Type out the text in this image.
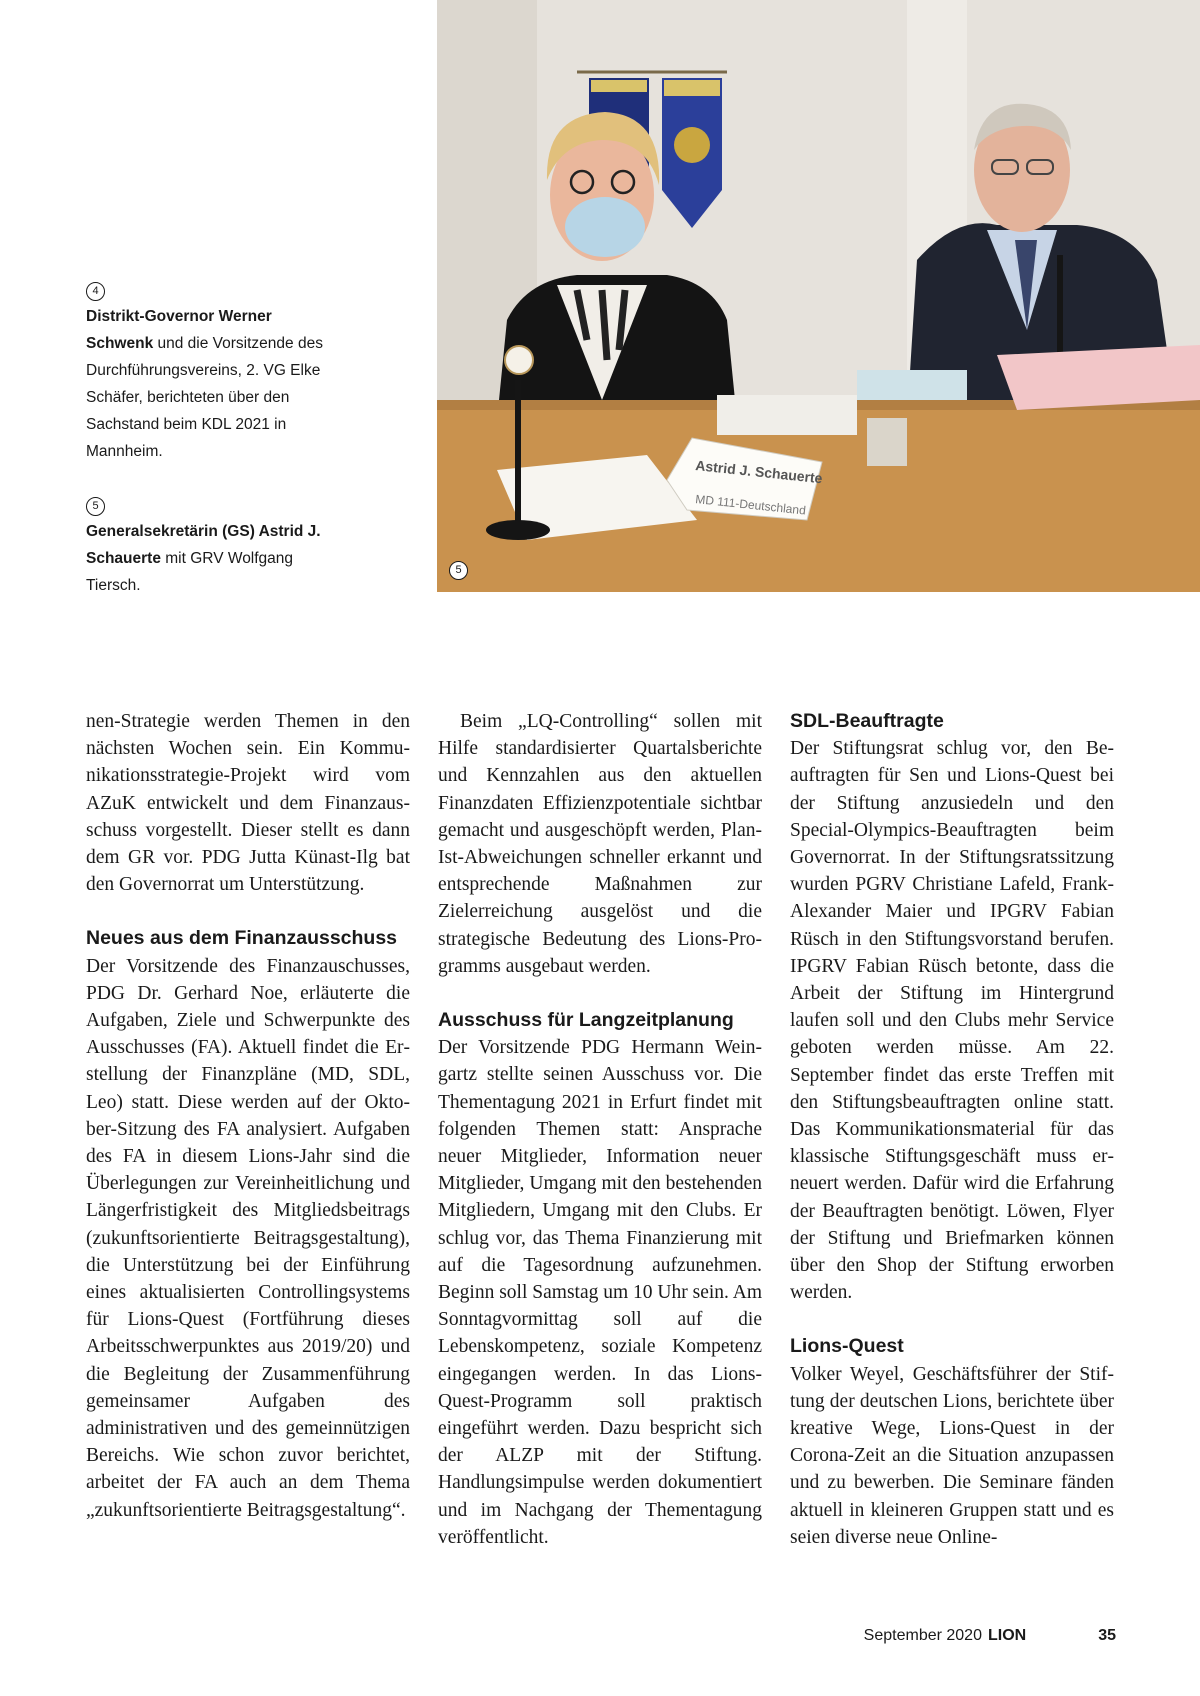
4
Distrikt-Governor Werner Schwenk und die Vorsitzende des Durchführungsvereins, 2. VG Elke Schäfer, berichteten über den Sachstand beim KDL 2021 in Mannheim.
5
Generalsekretärin (GS) Astrid J. Schauerte mit GRV Wolfgang Tiersch.
Astrid J. Schauerte
MD 111-Deutschland
5

nen-Strategie werden Themen in den nächsten Wochen sein. Ein Kommunikationsstrategie-Projekt wird vom AZuK entwickelt und dem Finanzausschuss vorgestellt. Dieser stellt es dann dem GR vor. PDG Jutta Künast-Ilg bat den Governorrat um Unterstützung.

Neues aus dem Finanzausschuss

Der Vorsitzende des Finanzauschusses, PDG Dr. Gerhard Noe, erläuterte die Aufgaben, Ziele und Schwerpunkte des Ausschusses (FA). Aktuell findet die Erstellung der Finanzpläne (MD, SDL, Leo) statt. Diese werden auf der Oktober-Sitzung des FA analysiert. Aufgaben des FA in diesem Lions-Jahr sind die Überlegungen zur Vereinheitlichung und Längerfristigkeit des Mitgliedsbeitrags (zukunftsorientierte Beitragsgestaltung), die Unterstützung bei der Einführung eines aktualisierten Controllingsystems für Lions-Quest (Fortführung dieses Arbeitsschwerpunktes aus 2019/20) und die Begleitung der Zusammenführung gemeinsamer Aufgaben des administrativen und des gemeinnützigen Bereichs. Wie schon zuvor berichtet, arbeitet der FA auch an dem Thema „zukunftsorientierte Beitragsgestaltung“.

Beim „LQ-Controlling“ sollen mit Hilfe standardisierter Quartalsberichte und Kennzahlen aus den aktuellen Finanzdaten Effizienzpotentiale sichtbar gemacht und ausgeschöpft werden, Plan-Ist-Abweichungen schneller erkannt und entsprechende Maßnahmen zur Zielerreichung ausgelöst und die strategische Bedeutung des Lions-Programms ausgebaut werden.

Ausschuss für Langzeitplanung

Der Vorsitzende PDG Hermann Weingartz stellte seinen Ausschuss vor. Die Thementagung 2021 in Erfurt findet mit folgenden Themen statt: Ansprache neuer Mitglieder, Information neuer Mitglieder, Umgang mit den bestehenden Mitgliedern, Umgang mit den Clubs. Er schlug vor, das Thema Finanzierung mit auf die Tagesordnung aufzunehmen. Beginn soll Samstag um 10 Uhr sein. Am Sonntagvormittag soll auf die Lebenskompetenz, soziale Kompetenz eingegangen werden. In das Lions-Quest-Programm soll praktisch eingeführt werden. Dazu bespricht sich der ALZP mit der Stiftung. Handlungsimpulse werden dokumentiert und im Nachgang der Thementagung veröffentlicht.

SDL-Beauftragte

Der Stiftungsrat schlug vor, den Beauftragten für Sen und Lions-Quest bei der Stiftung anzusiedeln und den Special-Olympics-Beauftragten beim Governorrat. In der Stiftungsratssitzung wurden PGRV Christiane Lafeld, Frank-Alexander Maier und IPGRV Fabian Rüsch in den Stiftungsvorstand berufen. IPGRV Fabian Rüsch betonte, dass die Arbeit der Stiftung im Hintergrund laufen soll und den Clubs mehr Service geboten werden müsse. Am 22. September findet das erste Treffen mit den Stiftungsbeauftragten online statt. Das Kommunikationsmaterial für das klassische Stiftungsgeschäft muss erneuert werden. Dafür wird die Erfahrung der Beauftragten benötigt. Löwen, Flyer der Stiftung und Briefmarken können über den Shop der Stiftung erworben werden.

Lions-Quest

Volker Weyel, Geschäftsführer der Stiftung der deutschen Lions, berichtete über kreative Wege, Lions-Quest in der Corona-Zeit an die Situation anzupassen und zu bewerben. Die Seminare fänden aktuell in kleineren Gruppen statt und es seien diverse neue Online-

September 2020 LION	35
